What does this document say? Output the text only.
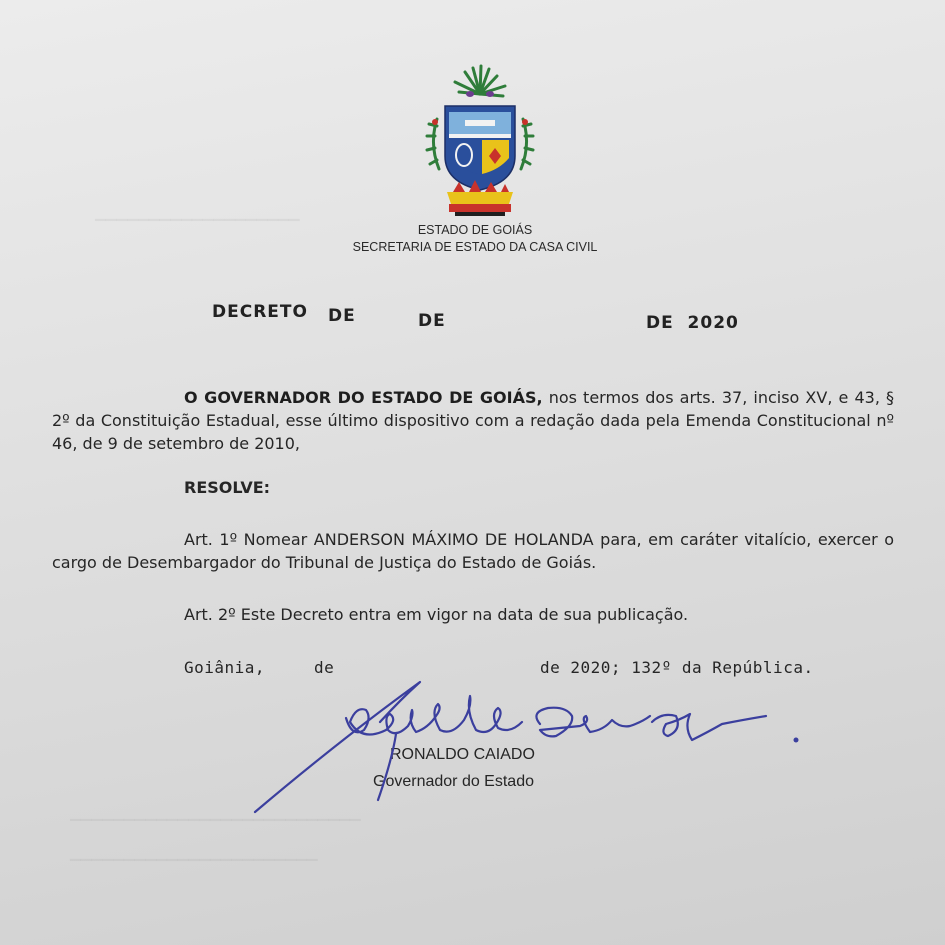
▔▔▔▔▔▔▔▔▔▔▔▔▔▔▔▔▔▔▔
▔▔▔▔▔▔▔▔▔▔▔▔▔▔▔▔▔▔▔▔▔▔▔▔▔▔▔
▔▔▔▔▔▔▔▔▔▔▔▔▔▔▔▔▔▔▔▔▔▔▔
ESTADO DE GOIÁS
SECRETARIA DE ESTADO DA CASA CIVIL
DECRETO DE	DE	DE  2020
O GOVERNADOR DO ESTADO DE GOIÁS, nos termos dos arts. 37, inciso XV, e 43, § 2º da Constituição Estadual, esse último dispositivo com a redação dada pela Emenda Constitucional nº 46, de 9 de setembro de 2010,
RESOLVE:
Art. 1º Nomear ANDERSON MÁXIMO DE HOLANDA para, em caráter vitalício, exercer o cargo de Desembargador do Tribunal de Justiça do Estado de Goiás.
Art. 2º Este Decreto entra em vigor na data de sua publicação.
Goiânia,	de	de 2020; 132º da República.
RONALDO CAIADO
Governador do Estado
